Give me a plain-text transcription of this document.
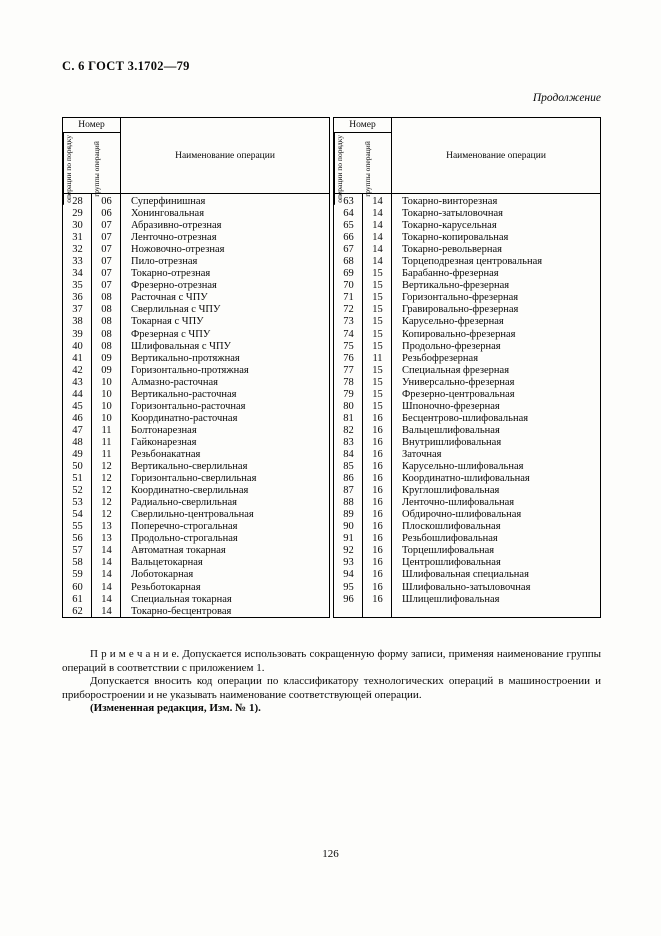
С. 6 ГОСТ 3.1702—79
Продолжение
Номер
операции по порядку	группы операций	Наименование операции
28	06	Суперфинишная
29	06	Хонинговальная
30	07	Абразивно-отрезная
31	07	Ленточно-отрезная
32	07	Ножовочно-отрезная
33	07	Пило-отрезная
34	07	Токарно-отрезная
35	07	Фрезерно-отрезная
36	08	Расточная с ЧПУ
37	08	Сверлильная с ЧПУ
38	08	Токарная с ЧПУ
39	08	Фрезерная с ЧПУ
40	08	Шлифовальная с ЧПУ
41	09	Вертикально-протяжная
42	09	Горизонтально-протяжная
43	10	Алмазно-расточная
44	10	Вертикально-расточная
45	10	Горизонтально-расточная
46	10	Координатно-расточная
47	11	Болтонарезная
48	11	Гайконарезная
49	11	Резьбонакатная
50	12	Вертикально-сверлильная
51	12	Горизонтально-сверлильная
52	12	Координатно-сверлильная
53	12	Радиально-сверлильная
54	12	Сверлильно-центровальная
55	13	Поперечно-строгальная
56	13	Продольно-строгальная
57	14	Автоматная токарная
58	14	Вальцетокарная
59	14	Лоботокарная
60	14	Резьботокарная
61	14	Специальная токарная
62	14	Токарно-бесцентровая
Номер
операции по порядку	группы операций	Наименование операции
63	14	Токарно-винторезная
64	14	Токарно-затыловочная
65	14	Токарно-карусельная
66	14	Токарно-копировальная
67	14	Токарно-револьверная
68	14	Торцеподрезная центровальная
69	15	Барабанно-фрезерная
70	15	Вертикально-фрезерная
71	15	Горизонтально-фрезерная
72	15	Гравировально-фрезерная
73	15	Карусельно-фрезерная
74	15	Копировально-фрезерная
75	15	Продольно-фрезерная
76	11	Резьбофрезерная
77	15	Специальная фрезерная
78	15	Универсально-фрезерная
79	15	Фрезерно-центровальная
80	15	Шпоночно-фрезерная
81	16	Бесцентрово-шлифовальная
82	16	Вальцешлифовальная
83	16	Внутришлифовальная
84	16	Заточная
85	16	Карусельно-шлифовальная
86	16	Координатно-шлифовальная
87	16	Круглошлифовальная
88	16	Ленточно-шлифовальная
89	16	Обдирочно-шлифовальная
90	16	Плоскошлифовальная
91	16	Резьбошлифовальная
92	16	Торцешлифовальная
93	16	Центрошлифовальная
94	16	Шлифовальная специальная
95	16	Шлифовально-затыловочная
96	16	Шлицешлифовальная

П р и м е ч а н и е. Допускается использовать сокращенную форму записи, применяя наименование группы операций в соответствии с приложением 1.

Допускается вносить код операции по классификатору технологических операций в машиностроении и приборостроении и не указывать наименование соответствующей операции.

(Измененная редакция, Изм. № 1).

126
